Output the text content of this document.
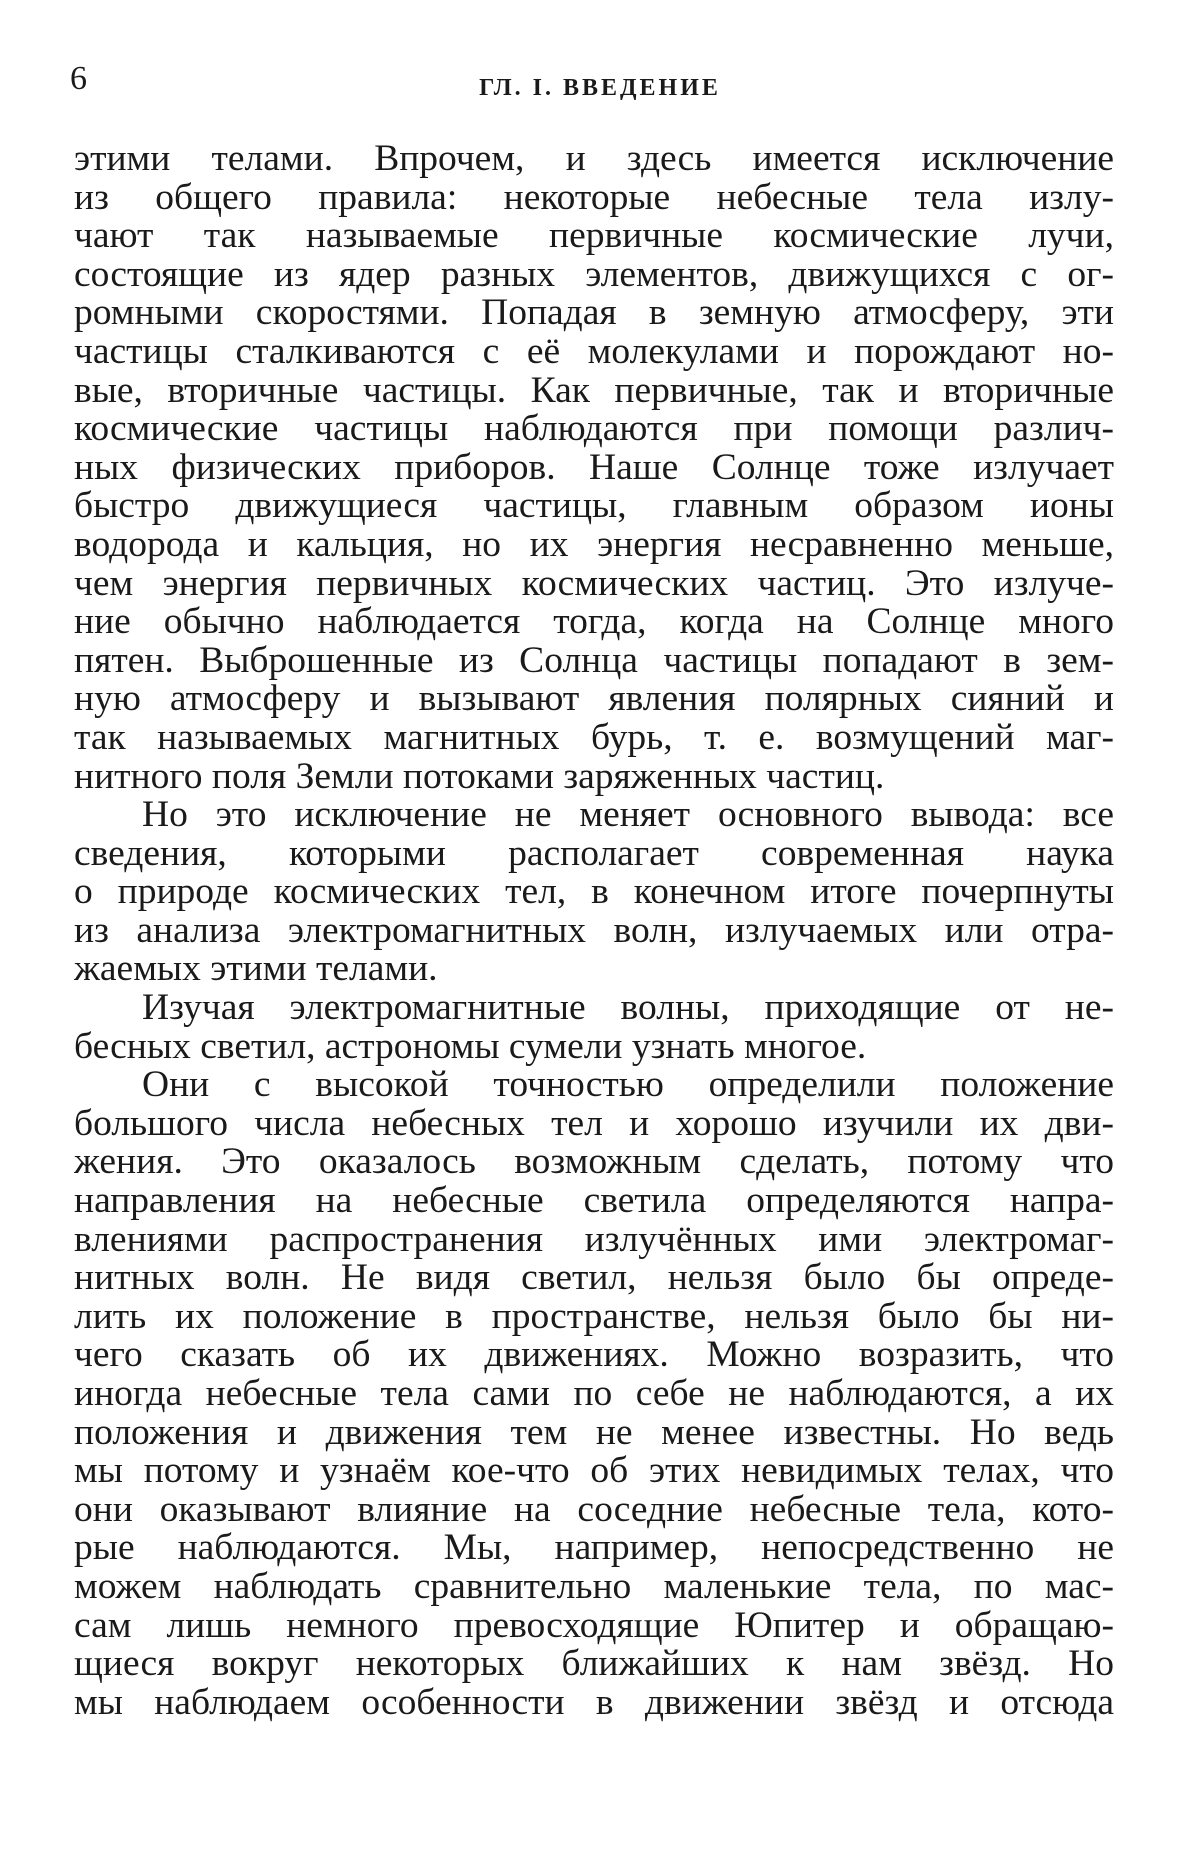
6	ГЛ. I. ВВЕДЕНИЕ
этими телами. Впрочем, и здесь имеется исключение
из общего правила: некоторые небесные тела излу-
чают так называемые первичные космические лучи,
состоящие из ядер разных элементов, движущихся с ог-
ромными скоростями. Попадая в земную атмосферу, эти
частицы сталкиваются с её молекулами и порождают но-
вые, вторичные частицы. Как первичные, так и вторичные
космические частицы наблюдаются при помощи различ-
ных физических приборов. Наше Солнце тоже излучает
быстро движущиеся частицы, главным образом ионы
водорода и кальция, но их энергия несравненно меньше,
чем энергия первичных космических частиц. Это излуче-
ние обычно наблюдается тогда, когда на Солнце много
пятен. Выброшенные из Солнца частицы попадают в зем-
ную атмосферу и вызывают явления полярных сияний и
так называемых магнитных бурь, т. е. возмущений маг-
нитного поля Земли потоками заряженных частиц.
Но это исключение не меняет основного вывода: все
сведения, которыми располагает современная наука
о природе космических тел, в конечном итоге почерпнуты
из анализа электромагнитных волн, излучаемых или отра-
жаемых этими телами.
Изучая электромагнитные волны, приходящие от не-
бесных светил, астрономы сумели узнать многое.
Они с высокой точностью определили положение
большого числа небесных тел и хорошо изучили их дви-
жения. Это оказалось возможным сделать, потому что
направления на небесные светила определяются напра-
влениями распространения излучённых ими электромаг-
нитных волн. Не видя светил, нельзя было бы опреде-
лить их положение в пространстве, нельзя было бы ни-
чего сказать об их движениях. Можно возразить, что
иногда небесные тела сами по себе не наблюдаются, а их
положения и движения тем не менее известны. Но ведь
мы потому и узнаём кое-что об этих невидимых телах, что
они оказывают влияние на соседние небесные тела, кото-
рые наблюдаются. Мы, например, непосредственно не
можем наблюдать сравнительно маленькие тела, по мас-
сам лишь немного превосходящие Юпитер и обращаю-
щиеся вокруг некоторых ближайших к нам звёзд. Но
мы наблюдаем особенности в движении звёзд и отсюда
